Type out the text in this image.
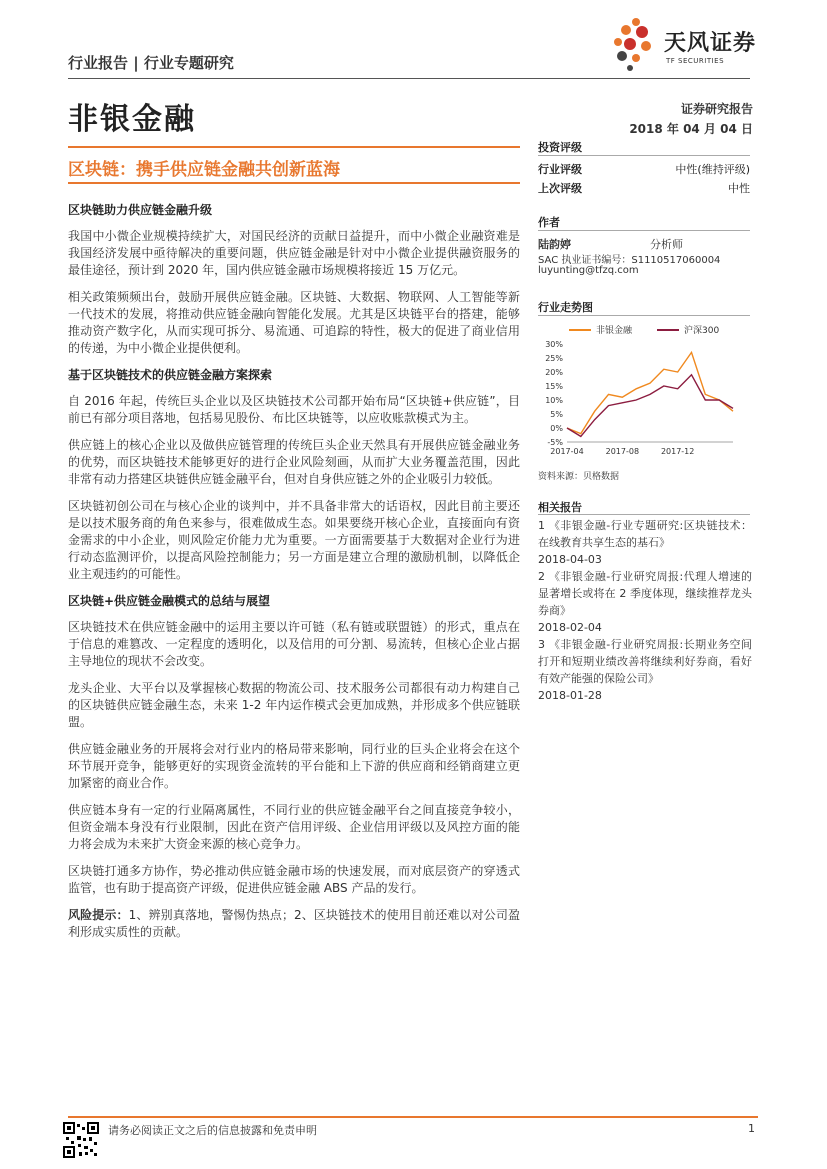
行业报告 | 行业专题研究
天风证券
TF SECURITIES
非银金融	证券研究报告
2018 年 04 月 04 日
区块链：携手供应链金融共创新蓝海
区块链助力供应链金融升级

我国中小微企业规模持续扩大，对国民经济的贡献日益提升，而中小微企业融资难是我国经济发展中亟待解决的重要问题，供应链金融是针对中小微企业提供融资服务的最佳途径，预计到 2020 年，国内供应链金融市场规模将接近 15 万亿元。

相关政策频频出台，鼓励开展供应链金融。区块链、大数据、物联网、人工智能等新一代技术的发展，将推动供应链金融向智能化发展。尤其是区块链平台的搭建，能够推动资产数字化，从而实现可拆分、易流通、可追踪的特性，极大的促进了商业信用的传递，为中小微企业提供便利。

基于区块链技术的供应链金融方案探索

自 2016 年起，传统巨头企业以及区块链技术公司都开始布局“区块链+供应链”，目前已有部分项目落地，包括易见股份、布比区块链等，以应收账款模式为主。

供应链上的核心企业以及做供应链管理的传统巨头企业天然具有开展供应链金融业务的优势，而区块链技术能够更好的进行企业风险刻画，从而扩大业务覆盖范围，因此非常有动力搭建区块链供应链金融平台，但对自身供应链之外的企业吸引力较低。

区块链初创公司在与核心企业的谈判中，并不具备非常大的话语权，因此目前主要还是以技术服务商的角色来参与，很难做成生态。如果要绕开核心企业，直接面向有资金需求的中小企业，则风险定价能力尤为重要。一方面需要基于大数据对企业行为进行动态监测评价，以提高风险控制能力；另一方面是建立合理的激励机制，以降低企业主观违约的可能性。

区块链+供应链金融模式的总结与展望

区块链技术在供应链金融中的运用主要以许可链（私有链或联盟链）的形式，重点在于信息的难篡改、一定程度的透明化，以及信用的可分割、易流转，但核心企业占据主导地位的现状不会改变。

龙头企业、大平台以及掌握核心数据的物流公司、技术服务公司都很有动力构建自己的区块链供应链金融生态，未来 1-2 年内运作模式会更加成熟，并形成多个供应链联盟。

供应链金融业务的开展将会对行业内的格局带来影响，同行业的巨头企业将会在这个环节展开竞争，能够更好的实现资金流转的平台能和上下游的供应商和经销商建立更加紧密的商业合作。

供应链本身有一定的行业隔离属性，不同行业的供应链金融平台之间直接竞争较小，但资金端本身没有行业限制，因此在资产信用评级、企业信用评级以及风控方面的能力将会成为未来扩大资金来源的核心竞争力。

区块链打通多方协作，势必推动供应链金融市场的快速发展，而对底层资产的穿透式监管，也有助于提高资产评级，促进供应链金融 ABS 产品的发行。

风险提示：1、辨别真落地，警惕伪热点；2、区块链技术的使用目前还难以对公司盈利形成实质性的贡献。

投资评级
行业评级	中性(维持评级)
上次评级	中性
作者
陆韵婷	分析师
SAC 执业证书编号：S1110517060004
luyunting@tfzq.com
行业走势图
30%
25%
20%
15%
10%
5%
0%
-5%
2017-04	2017-08	2017-12
非银金融	沪深300
资料来源：贝格数据
相关报告
1 《非银金融-行业专题研究:区块链技术：在线教育共享生态的基石》
2018-04-03
2 《非银金融-行业研究周报:代理人增速的显著增长或将在 2 季度体现，继续推荐龙头券商》
2018-02-04
3 《非银金融-行业研究周报:长期业务空间打开和短期业绩改善将继续利好券商，看好有效产能强的保险公司》
2018-01-28
请务必阅读正文之后的信息披露和免责申明	1
